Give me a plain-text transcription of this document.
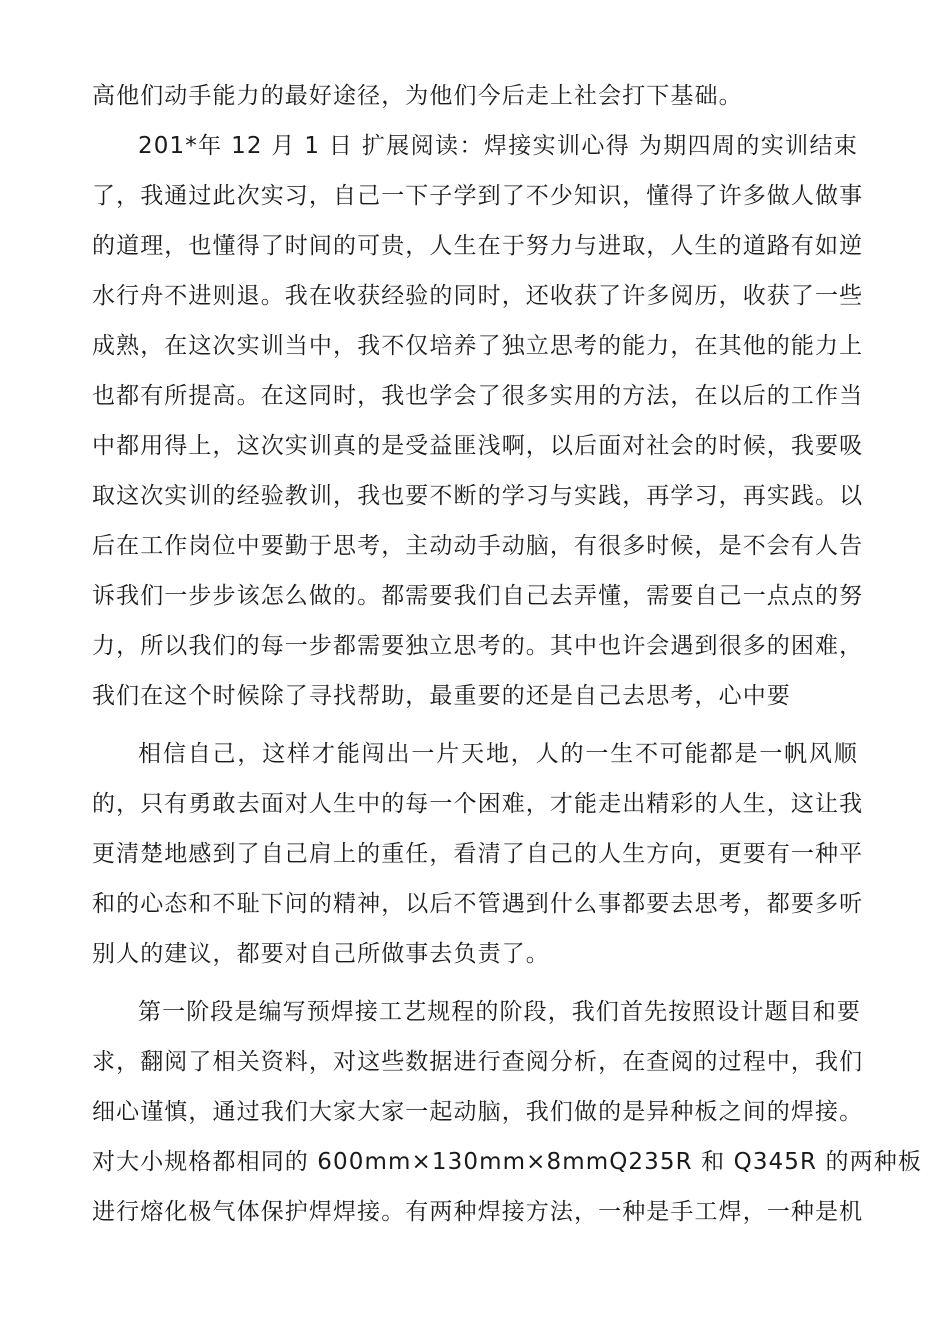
高他们动手能力的最好途径，为他们今后走上社会打下基础。
201*年 12 月 1 日 扩展阅读：焊接实训心得 为期四周的实训结束
了，我通过此次实习，自己一下子学到了不少知识，懂得了许多做人做事
的道理，也懂得了时间的可贵，人生在于努力与进取，人生的道路有如逆
水行舟不进则退。我在收获经验的同时，还收获了许多阅历，收获了一些
成熟，在这次实训当中，我不仅培养了独立思考的能力，在其他的能力上
也都有所提高。在这同时，我也学会了很多实用的方法，在以后的工作当
中都用得上，这次实训真的是受益匪浅啊，以后面对社会的时候，我要吸
取这次实训的经验教训，我也要不断的学习与实践，再学习，再实践。以
后在工作岗位中要勤于思考，主动动手动脑，有很多时候，是不会有人告
诉我们一步步该怎么做的。都需要我们自己去弄懂，需要自己一点点的努
力，所以我们的每一步都需要独立思考的。其中也许会遇到很多的困难，
我们在这个时候除了寻找帮助，最重要的还是自己去思考，心中要
相信自己，这样才能闯出一片天地，人的一生不可能都是一帆风顺
的，只有勇敢去面对人生中的每一个困难，才能走出精彩的人生，这让我
更清楚地感到了自己肩上的重任，看清了自己的人生方向，更要有一种平
和的心态和不耻下问的精神，以后不管遇到什么事都要去思考，都要多听
别人的建议，都要对自己所做事去负责了。
第一阶段是编写预焊接工艺规程的阶段，我们首先按照设计题目和要
求，翻阅了相关资料，对这些数据进行查阅分析，在查阅的过程中，我们
细心谨慎，通过我们大家大家一起动脑，我们做的是异种板之间的焊接。
对大小规格都相同的 600mm×130mm×8mmQ235R 和 Q345R 的两种板
进行熔化极气体保护焊焊接。有两种焊接方法，一种是手工焊，一种是机
